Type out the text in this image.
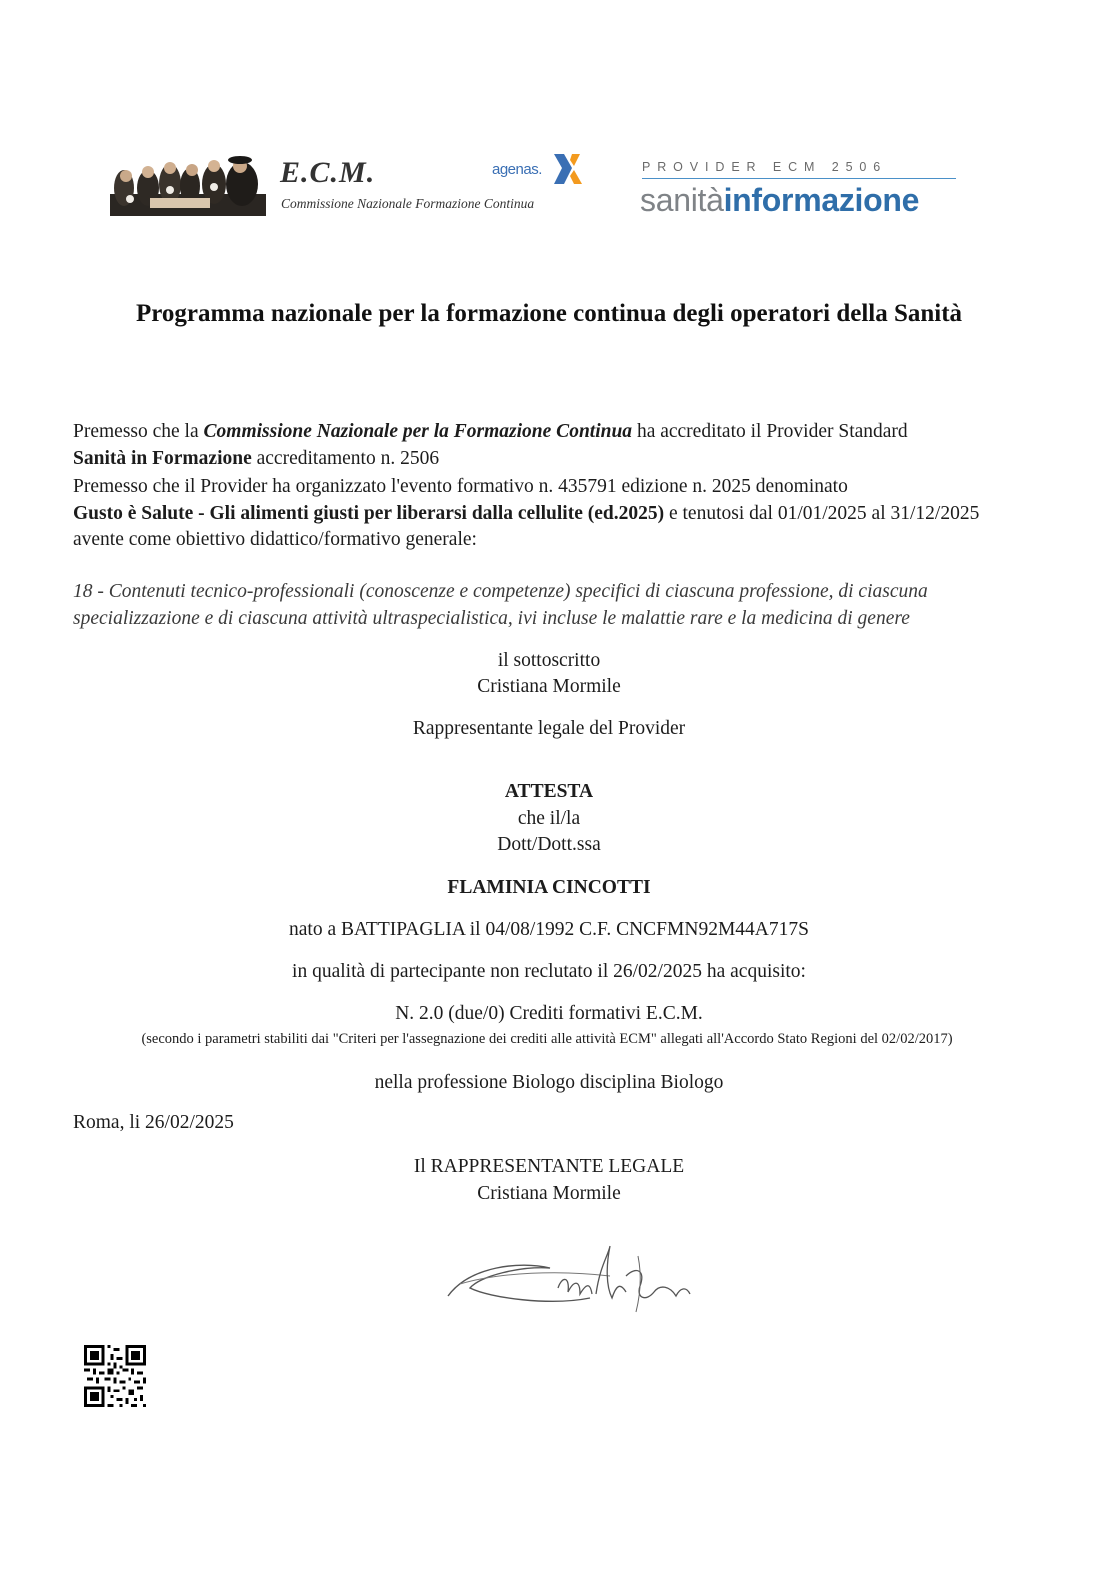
E.C.M.
Commissione Nazionale Formazione Continua
agenas.	PROVIDER ECM 2506
sanitàinformazione
Programma nazionale per la formazione continua degli operatori della Sanità
Premesso che la Commissione Nazionale per la Formazione Continua ha accreditato il Provider Standard
Sanità in Formazione accreditamento n. 2506
Premesso che il Provider ha organizzato l'evento formativo n. 435791 edizione n. 2025 denominato
Gusto è Salute - Gli alimenti giusti per liberarsi dalla cellulite (ed.2025) e tenutosi dal 01/01/2025 al 31/12/2025 avente come obiettivo didattico/formativo generale:
18 - Contenuti tecnico-professionali (conoscenze e competenze) specifici di ciascuna professione, di ciascuna specializzazione e di ciascuna attività ultraspecialistica, ivi incluse le malattie rare e la medicina di genere
il sottoscritto
Cristiana Mormile
Rappresentante legale del Provider
ATTESTA
che il/la
Dott/Dott.ssa
FLAMINIA CINCOTTI
nato a BATTIPAGLIA il 04/08/1992 C.F. CNCFMN92M44A717S
in qualità di partecipante non reclutato il 26/02/2025 ha acquisito:
N. 2.0 (due/0) Crediti formativi E.C.M.
(secondo i parametri stabiliti dai "Criteri per l'assegnazione dei crediti alle attività ECM" allegati all'Accordo Stato Regioni del 02/02/2017)
nella professione Biologo disciplina Biologo
Roma, li 26/02/2025
Il RAPPRESENTANTE LEGALE
Cristiana Mormile
